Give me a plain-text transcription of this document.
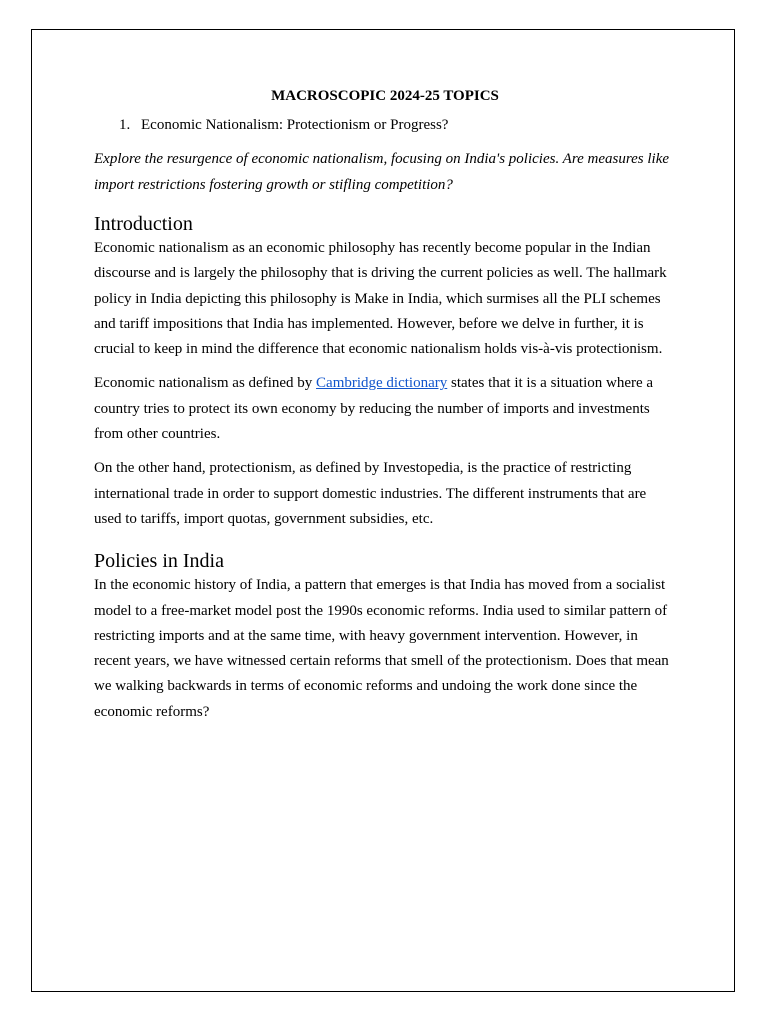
MACROSCOPIC 2024-25 TOPICS
1. Economic Nationalism: Protectionism or Progress?

Explore the resurgence of economic nationalism, focusing on India's policies. Are measures like import restrictions fostering growth or stifling competition?

Introduction

Economic nationalism as an economic philosophy has recently become popular in the Indian discourse and is largely the philosophy that is driving the current policies as well. The hallmark policy in India depicting this philosophy is Make in India, which surmises all the PLI schemes and tariff impositions that India has implemented. However, before we delve in further, it is crucial to keep in mind the difference that economic nationalism holds vis-à-vis protectionism.

Economic nationalism as defined by Cambridge dictionary states that it is a situation where a country tries to protect its own economy by reducing the number of imports and investments from other countries.

On the other hand, protectionism, as defined by Investopedia, is the practice of restricting international trade in order to support domestic industries. The different instruments that are used to tariffs, import quotas, government subsidies, etc.

Policies in India

In the economic history of India, a pattern that emerges is that India has moved from a socialist model to a free-market model post the 1990s economic reforms. India used to similar pattern of restricting imports and at the same time, with heavy government intervention. However, in recent years, we have witnessed certain reforms that smell of the protectionism. Does that mean we walking backwards in terms of economic reforms and undoing the work done since the economic reforms?
